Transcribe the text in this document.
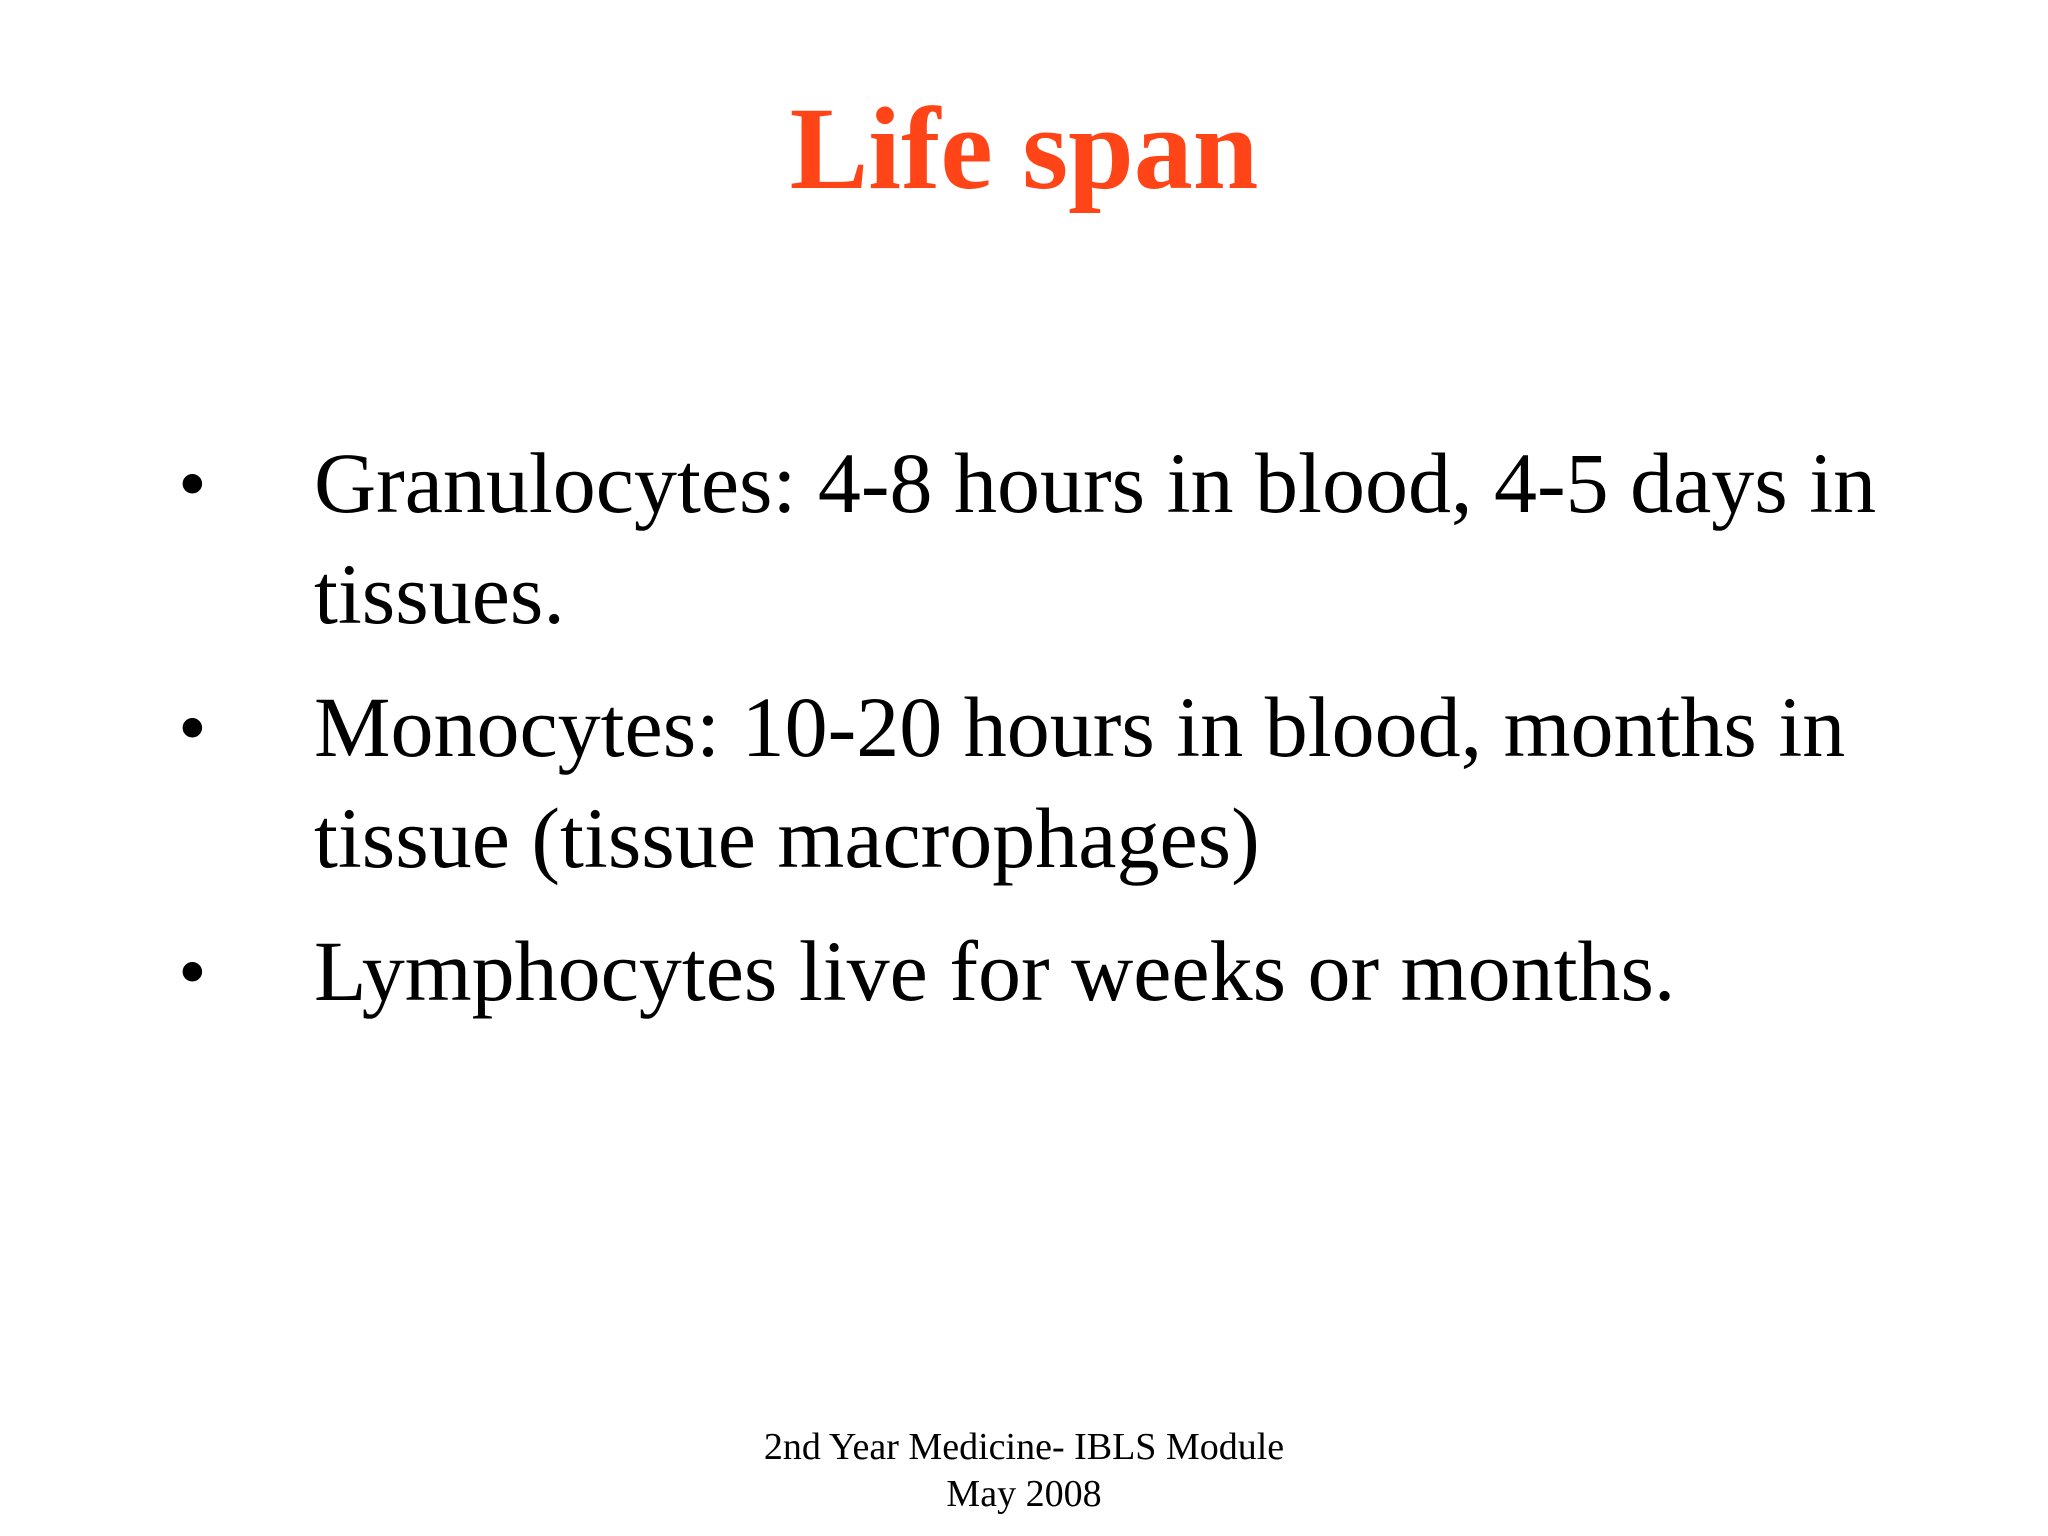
Life span
• Granulocytes: 4-8 hours in blood, 4-5 days in tissues.
• Monocytes: 10-20 hours in blood, months in tissue (tissue macrophages)
• Lymphocytes live for weeks or months.
2nd Year Medicine- IBLS Module
May 2008
